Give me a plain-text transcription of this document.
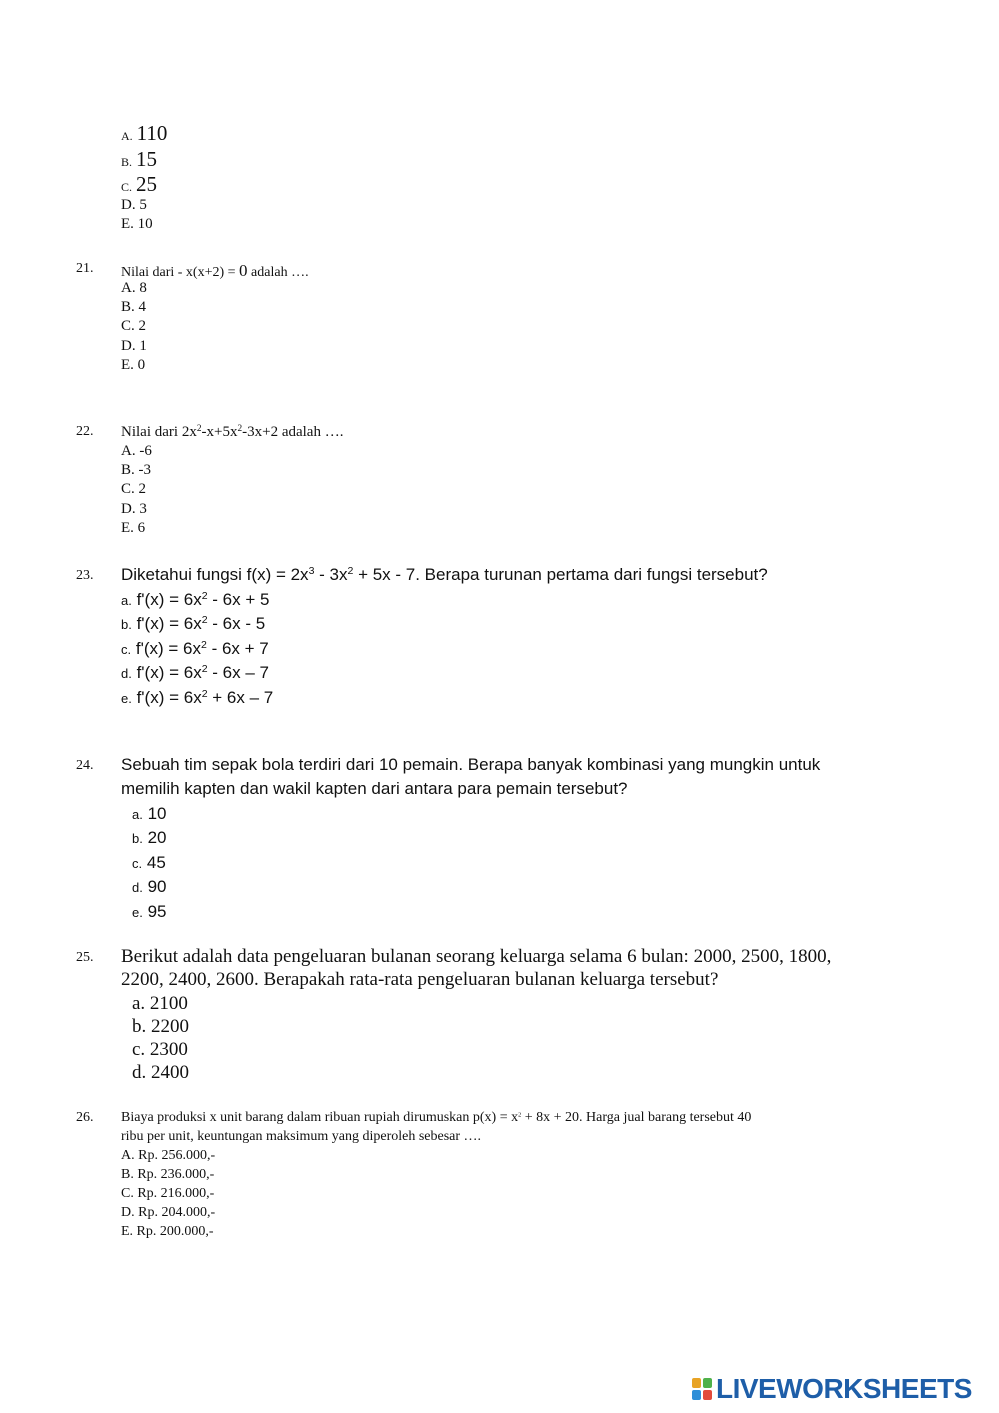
A. 110
B. 15
C. 25
D. 5
E. 10
21. Nilai dari - x(x+2) = 0 adalah ….
A. 8
B. 4
C. 2
D. 1
E. 0
22. Nilai dari $2x^2-x+5x^2-3x+2$ adalah ….
A. -6
B. -3
C. 2
D. 3
E. 6
23. Diketahui fungsi $f(x) = 2x^3 - 3x^2 + 5x - 7$. Berapa turunan pertama dari fungsi tersebut?
a. $f'(x) = 6x^2 - 6x + 5$
b. $f'(x) = 6x^2 - 6x - 5$
c. $f'(x) = 6x^2 - 6x + 7$
d. $f'(x) = 6x^2 - 6x - 7$
e. $f'(x) = 6x^2 + 6x - 7$
24. Sebuah tim sepak bola terdiri dari 10 pemain. Berapa banyak kombinasi yang mungkin untuk
memilih kapten dan wakil kapten dari antara para pemain tersebut?
a. 10
b. 20
c. 45
d. 90
e. 95
25. Berikut adalah data pengeluaran bulanan seorang keluarga selama 6 bulan: 2000, 2500, 1800,
2200, 2400, 2600. Berapakah rata-rata pengeluaran bulanan keluarga tersebut?
a. 2100
b. 2200
c. 2300
d. 2400
26. Biaya produksi x unit barang dalam ribuan rupiah dirumuskan $p(x) = x^2 + 8x + 20$. Harga jual barang tersebut 40
ribu per unit, keuntungan maksimum yang diperoleh sebesar ….
A. Rp. 256.000,-
B. Rp. 236.000,-
C. Rp. 216.000,-
D. Rp. 204.000,-
E. Rp. 200.000,-
LIVEWORKSHEETS
